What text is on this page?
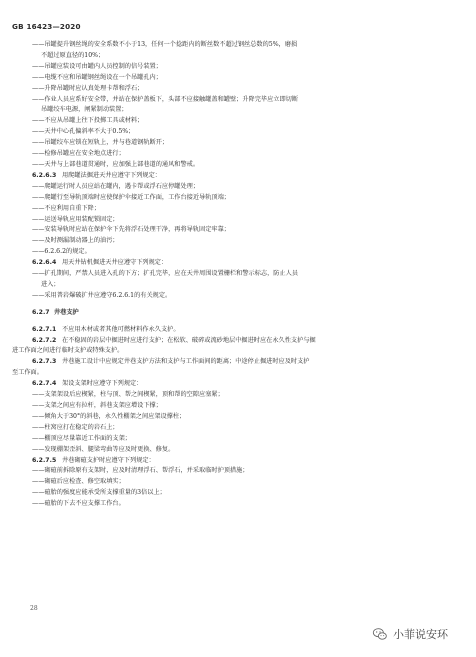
GB 16423—2020
——吊罐提升钢丝绳的安全系数不小于13，任何一个捻距内的断丝数不超过钢丝总数的5%，磨损
不超过原直径的10%；
——吊罐应装设可由罐内人员控制的信号装置；
——电缆不应和吊罐钢丝绳设在一个吊罐孔内；
——升降吊罐时应认真处理卡帮和浮石；
——作业人员应系好安全带，并站在保护盖板下，头部不应接触罐盖和罐壁；升降完毕应立即切断
吊罐绞车电源，闸紧制动装置；
——不应从吊罐上往下投掷工具或材料；
——天井中心孔偏斜率不大于0.5%；
——吊罐绞车应锁在短轨上，并与巷道钢轨断开；
——检修吊罐应在安全地点进行；
——天井与上部巷道贯通时，应加强上部巷道的通风和警戒。
6.2.6.3 用爬罐法掘进天井应遵守下列规定：
——爬罐运行时人员应站在罐内，遇卡帮或浮石应停罐处理；
——爬罐行至导轨顶端时应使保护伞接近工作面，工作台接近导轨顶端；
——不应利用自重下降；
——运送导轨应用装配锁固定；
——安装导轨时应站在保护伞下先将浮石处理干净，再将导轨固定牢靠；
——及时测漏制动器上的油污；
——6.2.6.2的规定。
6.2.6.4 用天井钻机掘进天井应遵守下列规定：
——扩孔期间，严禁人员进入孔的下方；扩孔完毕，应在天井周围设置栅栏和警示标志，防止人员
进入；
——采用普岩爆破扩井应遵守6.2.6.1的有关规定。
6.2.7 井巷支护
6.2.7.1 不应用木材或者其他可燃材料作永久支护。
6.2.7.2 在不稳固的岩层中掘进时应进行支护；在松软、破碎或流砂地层中掘进时应在永久性支护与掘
进工作面之间进行临时支护或特殊支护。
6.2.7.3 井巷施工设计中应规定井巷支护方法和支护与工作面间的距离；中途停止掘进时应及时支护
至工作面。
6.2.7.4 架设支架时应遵守下列规定：
——支架架设后应楔紧，柱与顶、帮之间楔紧，顶和帮的空隙应塞紧；
——支架之间应有拉杆，斜巷支架应增设下撑；
——倾角大于30°的斜巷，永久性棚架之间应架设撑柱；
——柱窝应打在稳定的岩石上；
——棚顶应尽量靠近工作面的支架；
——发现棚架歪斜、腿梁弯曲等应及时更换、修复。
6.2.7.5 井巷砌碹支护时应遵守下列规定：
——砌碹前拆除原有支架时，应及时清理浮石、帮浮石，并采取临时护顶措施；
——砌碹后应检查、修空取填实；
——碹胎的强度应能承受所支撑重量的3倍以上；
——碹胎的下去不应支撑工作台。
28
小菲说安环
